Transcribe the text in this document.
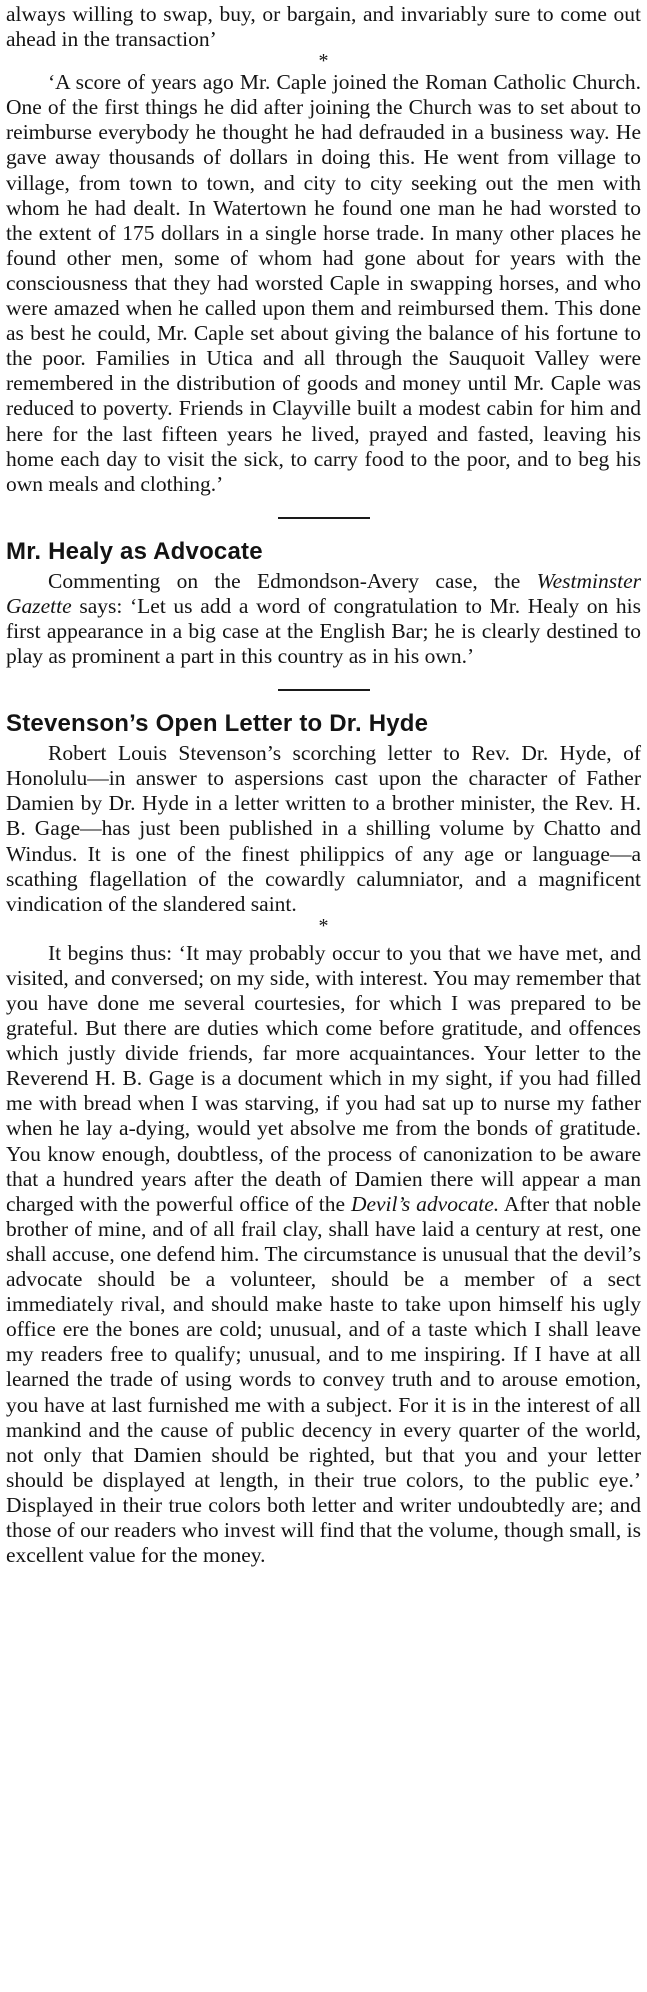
always willing to swap, buy, or bargain, and invariably sure to come out ahead in the transaction’

*

‘A score of years ago Mr. Caple joined the Roman Catholic Church. One of the first things he did after joining the Church was to set about to reimburse everybody he thought he had defrauded in a business way. He gave away thousands of dollars in doing this. He went from village to village, from town to town, and city to city seeking out the men with whom he had dealt. In Watertown he found one man he had worsted to the extent of 175 dollars in a single horse trade. In many other places he found other men, some of whom had gone about for years with the consciousness that they had worsted Caple in swapping horses, and who were amazed when he called upon them and reimbursed them. This done as best he could, Mr. Caple set about giving the balance of his fortune to the poor. Families in Utica and all through the Sauquoit Valley were remembered in the distribution of goods and money until Mr. Caple was reduced to poverty. Friends in Clayville built a modest cabin for him and here for the last fifteen years he lived, prayed and fasted, leaving his home each day to visit the sick, to carry food to the poor, and to beg his own meals and clothing.’

Mr. Healy as Advocate

Commenting on the Edmondson-Avery case, the Westminster Gazette says: ‘Let us add a word of congratulation to Mr. Healy on his first appearance in a big case at the English Bar; he is clearly destined to play as prominent a part in this country as in his own.’

Stevenson’s Open Letter to Dr. Hyde

Robert Louis Stevenson’s scorching letter to Rev. Dr. Hyde, of Honolulu—in answer to aspersions cast upon the character of Father Damien by Dr. Hyde in a letter written to a brother minister, the Rev. H. B. Gage—has just been published in a shilling volume by Chatto and Windus. It is one of the finest philippics of any age or language—a scathing flagellation of the cowardly calumniator, and a magnificent vindication of the slandered saint.

*

It begins thus: ‘It may probably occur to you that we have met, and visited, and conversed; on my side, with interest. You may remember that you have done me several courtesies, for which I was prepared to be grateful. But there are duties which come before gratitude, and offences which justly divide friends, far more acquaintances. Your letter to the Reverend H. B. Gage is a document which in my sight, if you had filled me with bread when I was starving, if you had sat up to nurse my father when he lay a-dying, would yet absolve me from the bonds of gratitude. You know enough, doubtless, of the process of canonization to be aware that a hundred years after the death of Damien there will appear a man charged with the powerful office of the Devil’s advocate. After that noble brother of mine, and of all frail clay, shall have laid a century at rest, one shall accuse, one defend him. The circumstance is unusual that the devil’s advocate should be a volunteer, should be a member of a sect immediately rival, and should make haste to take upon himself his ugly office ere the bones are cold; unusual, and of a taste which I shall leave my readers free to qualify; unusual, and to me inspiring. If I have at all learned the trade of using words to convey truth and to arouse emotion, you have at last furnished me with a subject. For it is in the interest of all mankind and the cause of public decency in every quarter of the world, not only that Damien should be righted, but that you and your letter should be displayed at length, in their true colors, to the public eye.’ Displayed in their true colors both letter and writer undoubtedly are; and those of our readers who invest will find that the volume, though small, is excellent value for the money.
